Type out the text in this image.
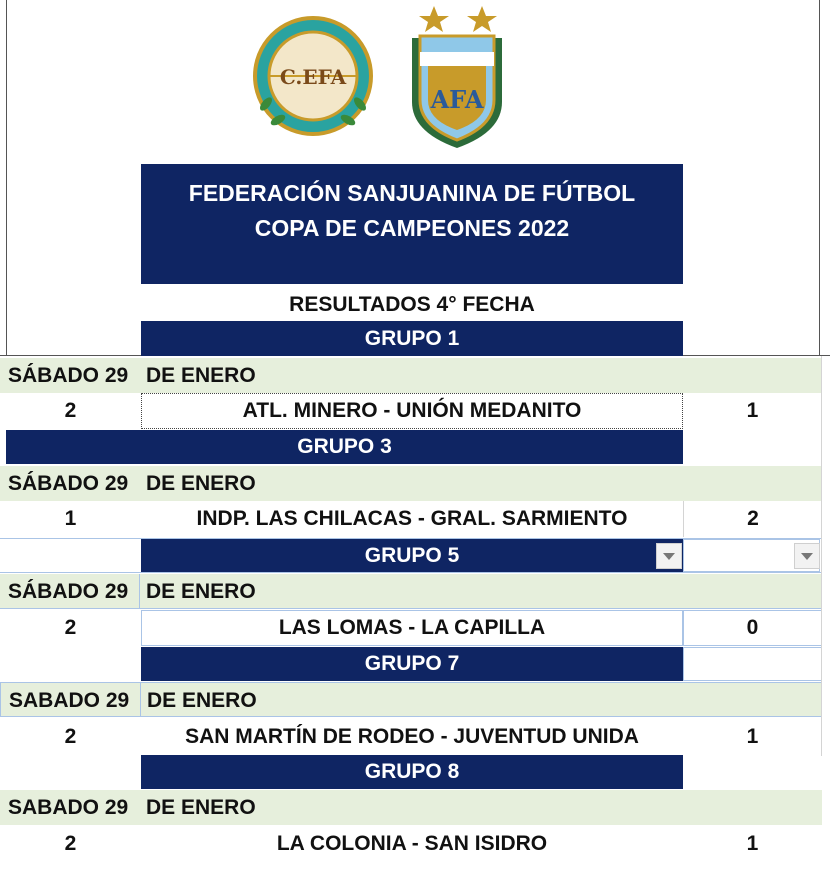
C.EFA
AFA
FEDERACIÓN SANJUANINA DE FÚTBOL
COPA DE CAMPEONES 2022
RESULTADOS 4° FECHA
GRUPO 1
SÁBADO 29 DE ENERO
2	ATL. MINERO - UNIÓN MEDANITO	1
GRUPO 3
SÁBADO 29 DE ENERO
1	INDP. LAS CHILACAS - GRAL. SARMIENTO	2
GRUPO 5
SÁBADO 29 DE ENERO
2	LAS LOMAS - LA CAPILLA	0
GRUPO 7
SABADO 29 DE ENERO
2	SAN MARTÍN DE RODEO - JUVENTUD UNIDA	1
GRUPO 8
SABADO 29 DE ENERO
2	LA COLONIA - SAN ISIDRO	1
